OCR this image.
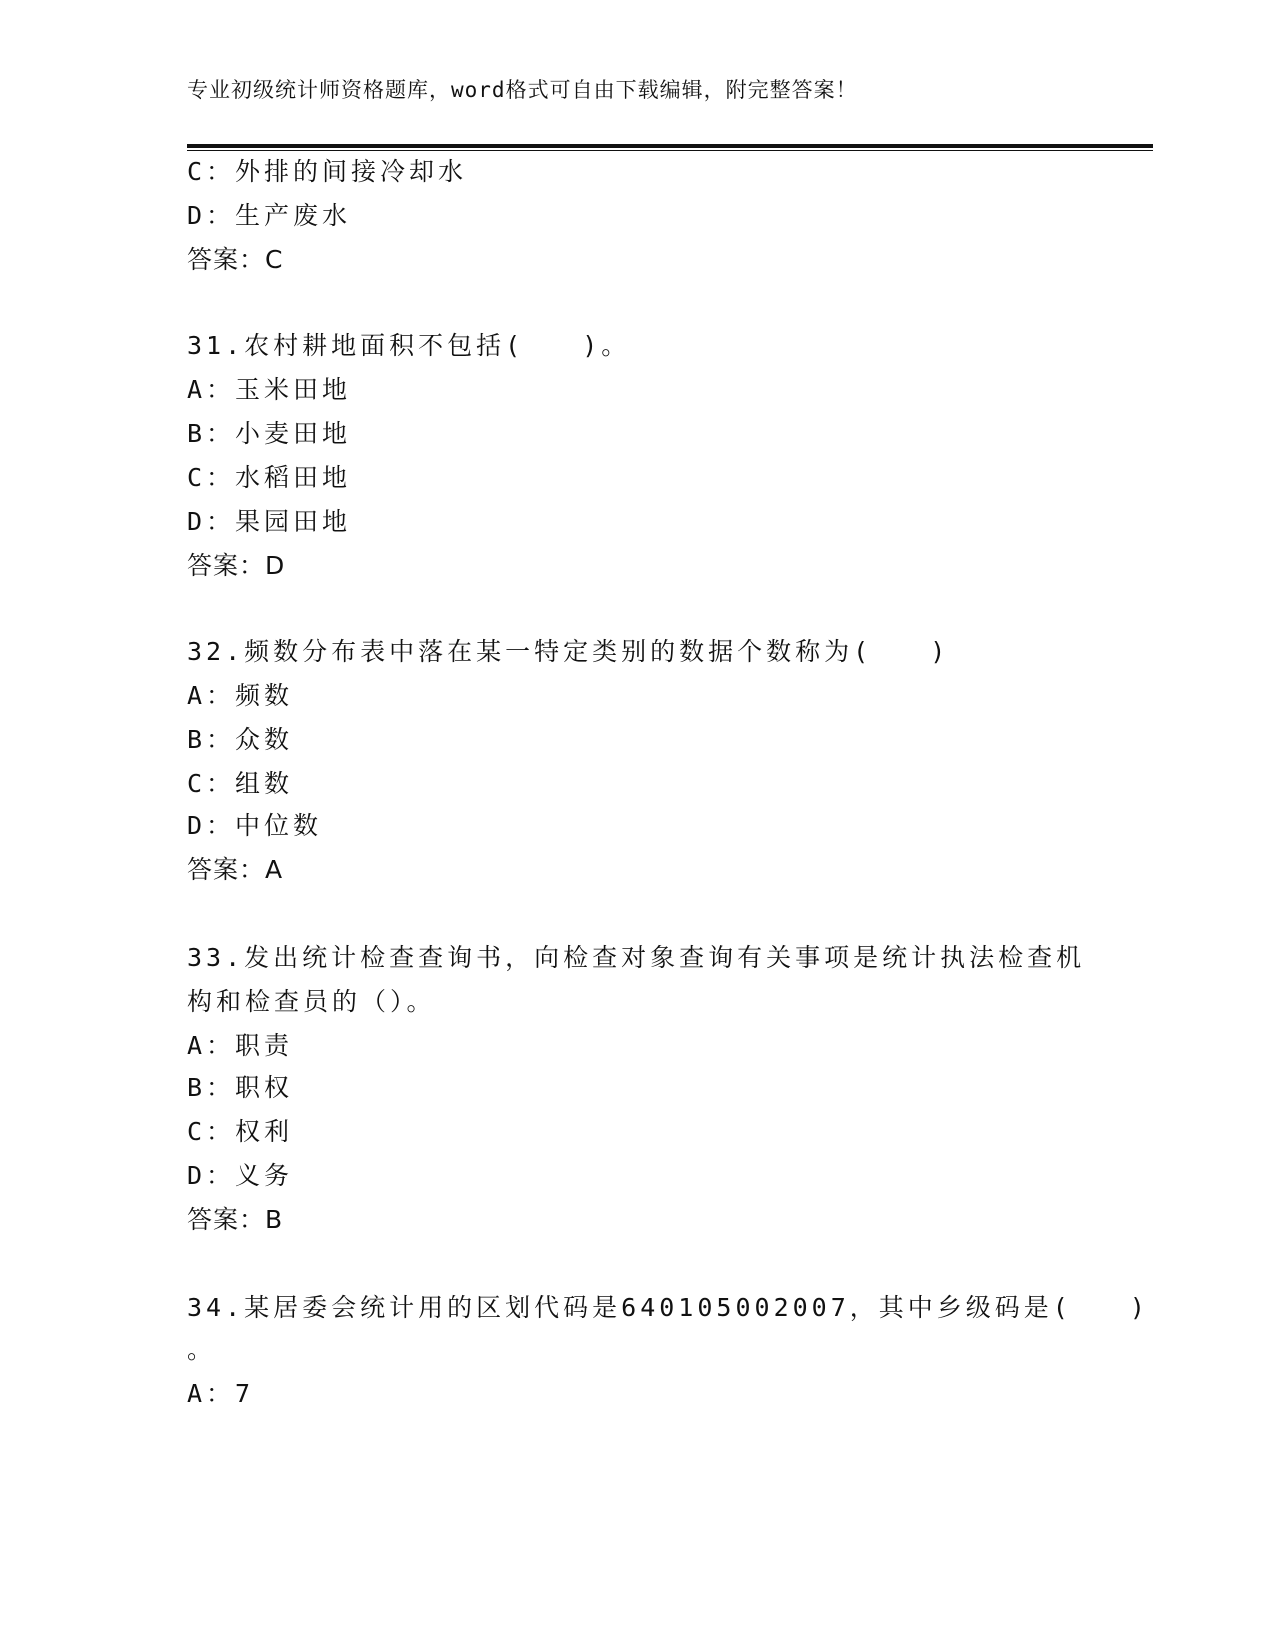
专业初级统计师资格题库，word格式可自由下载编辑，附完整答案！
C：外排的间接冷却水
D：生产废水
答案：C
31.农村耕地面积不包括(　　)。
A：玉米田地
B：小麦田地
C：水稻田地
D：果园田地
答案：D
32.频数分布表中落在某一特定类别的数据个数称为(　　)
A：频数
B：众数
C：组数
D：中位数
答案：A
33.发出统计检查查询书，向检查对象查询有关事项是统计执法检查机
构和检查员的（）。
A：职责
B：职权
C：权利
D：义务
答案：B
34.某居委会统计用的区划代码是640105002007，其中乡级码是(　　)
。
A：7
